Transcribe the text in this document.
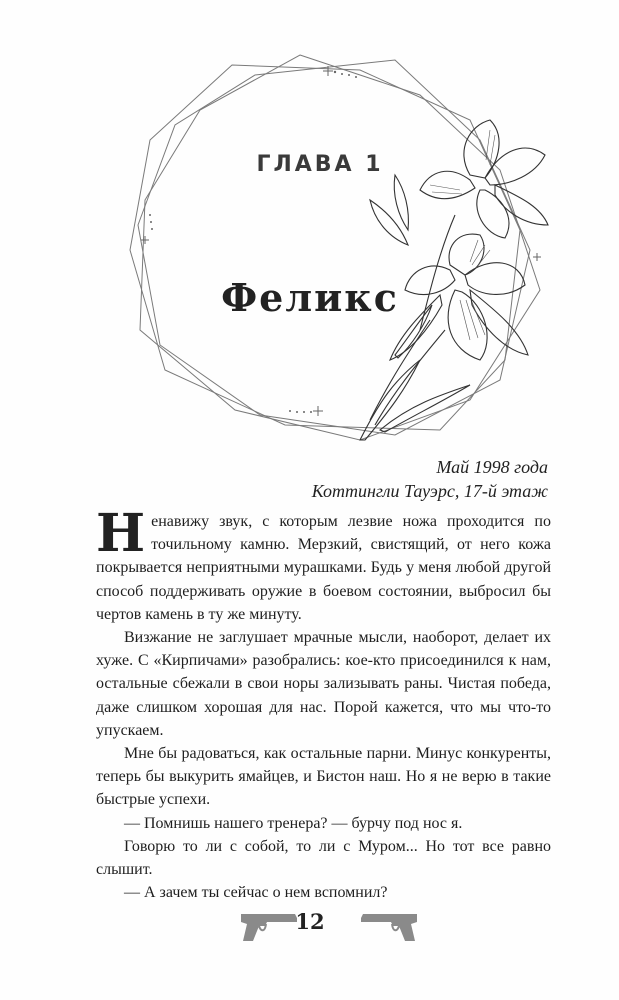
ГЛАВА 1
Феликс
Май 1998 года
Коттингли Тауэрс, 17-й этаж

Ненавижу звук, с которым лезвие ножа проходится по точильному камню. Мерзкий, свистящий, от него кожа покрывается неприятными мурашками. Будь у меня любой другой способ поддерживать оружие в боевом состоянии, выбросил бы чертов камень в ту же минуту.

Визжание не заглушает мрачные мысли, наоборот, делает их хуже. С «Кирпичами» разобрались: кое-кто присоединился к нам, остальные сбежали в свои норы зализывать раны. Чистая победа, даже слишком хорошая для нас. Порой кажется, что мы что-то упускаем.

Мне бы радоваться, как остальные парни. Минус конкуренты, теперь бы выкурить ямайцев, и Бистон наш. Но я не верю в такие быстрые успехи.

— Помнишь нашего тренера? — бурчу под нос я.

Говорю то ли с собой, то ли с Муром... Но тот все равно слышит.

— А зачем ты сейчас о нем вспомнил?

12
